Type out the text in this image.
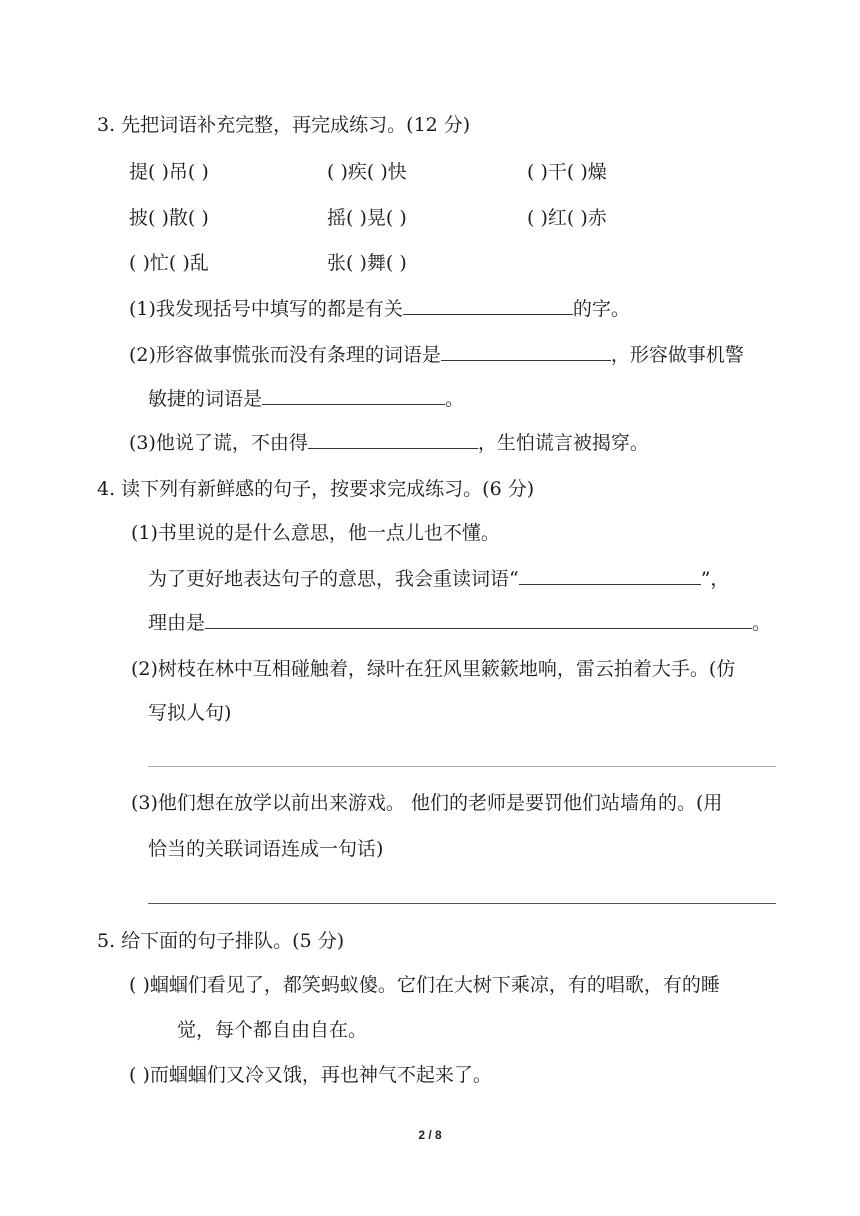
3. 先把词语补充完整，再完成练习。(12 分)
提( )吊( )	( )疾( )快	( )干( )燥
披( )散( )	摇( )晃( )	( )红( )赤
( )忙( )乱	张( )舞( )
(1)我发现括号中填写的都是有关	的字。
(2)形容做事慌张而没有条理的词语是	，形容做事机警
敏捷的词语是	。
(3)他说了谎，不由得	，生怕谎言被揭穿。
4. 读下列有新鲜感的句子，按要求完成练习。(6 分)
(1)书里说的是什么意思，他一点儿也不懂。
为了更好地表达句子的意思，我会重读词语“	”，
理由是	。
(2)树枝在林中互相碰触着，绿叶在狂风里簌簌地响，雷云拍着大手。(仿
写拟人句)
(3)他们想在放学以前出来游戏。 他们的老师是要罚他们站墙角的。(用
恰当的关联词语连成一句话)
5. 给下面的句子排队。(5 分)
( )蝈蝈们看见了，都笑蚂蚁傻。它们在大树下乘凉，有的唱歌，有的睡
觉，每个都自由自在。
( )而蝈蝈们又冷又饿，再也神气不起来了。
2 / 8
